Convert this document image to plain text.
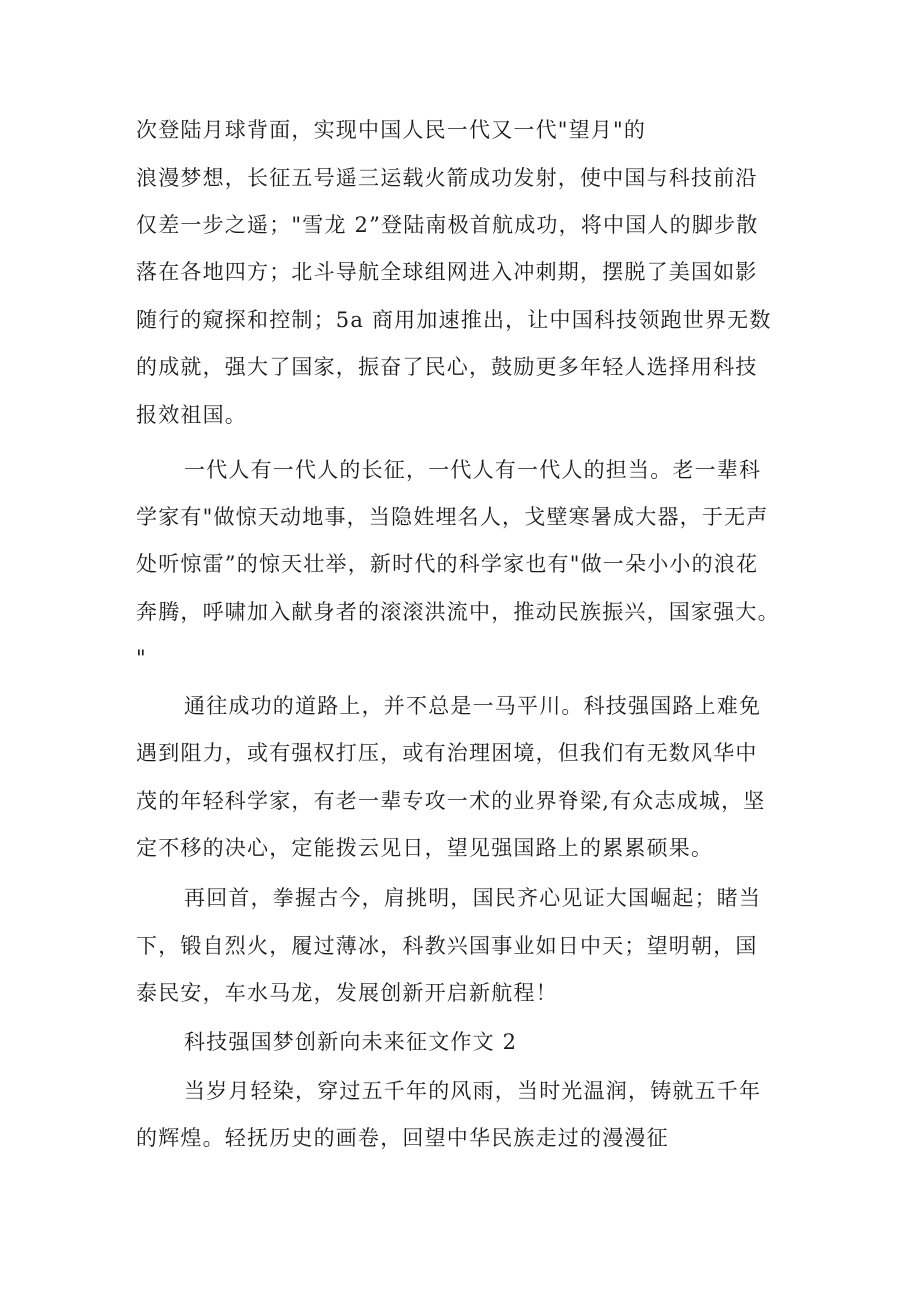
次登陆月球背面，实现中国人民一代又一代"望月"的
浪漫梦想，长征五号遥三运载火箭成功发射，使中国与科技前沿
仅差一步之遥；"雪龙 2”登陆南极首航成功，将中国人的脚步散
落在各地四方；北斗导航全球组网进入冲刺期，摆脱了美国如影
随行的窥探和控制；5a 商用加速推出，让中国科技领跑世界无数
的成就，强大了国家，振奋了民心，鼓励更多年轻人选择用科技
报效祖国。
一代人有一代人的长征，一代人有一代人的担当。老一辈科
学家有"做惊天动地事，当隐姓埋名人，戈壁寒暑成大器，于无声
处听惊雷”的惊天壮举，新时代的科学家也有"做一朵小小的浪花
奔腾，呼啸加入献身者的滚滚洪流中，推动民族振兴，国家强大。
"
通往成功的道路上，并不总是一马平川。科技强国路上难免
遇到阻力，或有强权打压，或有治理困境，但我们有无数风华中
茂的年轻科学家，有老一辈专攻一术的业界脊梁,有众志成城，坚
定不移的决心，定能拨云见日，望见强国路上的累累硕果。
再回首，拳握古今，肩挑明，国民齐心见证大国崛起；睹当
下，锻自烈火，履过薄冰，科教兴国事业如日中天；望明朝，国
泰民安，车水马龙，发展创新开启新航程！
科技强国梦创新向未来征文作文 2
当岁月轻染，穿过五千年的风雨，当时光温润，铸就五千年
的辉煌。轻抚历史的画卷，回望中华民族走过的漫漫征
